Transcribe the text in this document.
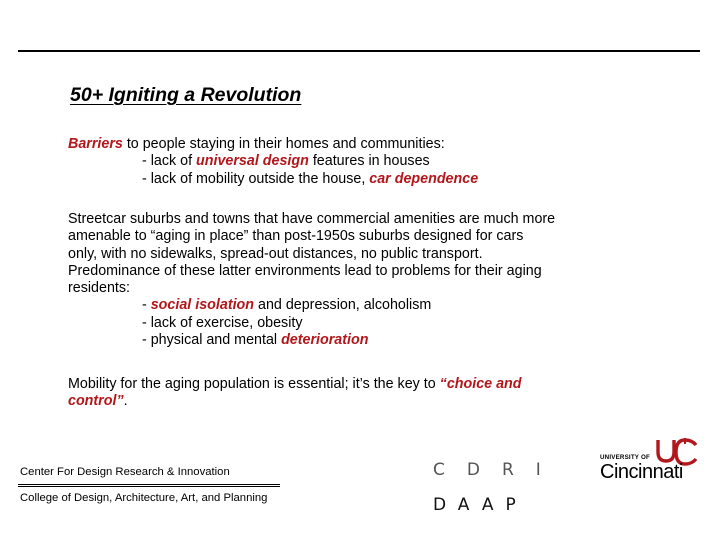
50+ Igniting a Revolution
Barriers to people staying in their homes and communities:
- lack of universal design features in houses
- lack of mobility outside the house, car dependence
Streetcar suburbs and towns that have commercial amenities are much more
amenable to “aging in place” than post-1950s suburbs designed for cars
only, with no sidewalks, spread-out distances, no public transport.
Predominance of these latter environments lead to problems for their aging
residents:
- social isolation and depression, alcoholism
- lack of exercise, obesity
- physical and mental deterioration
Mobility for the aging population is essential; it’s the key to “choice and
control”.
Center For Design Research & Innovation
College of Design, Architecture, Art, and Planning
CDRI
DAAP
UNIVERSITY OF
Cincinnati
